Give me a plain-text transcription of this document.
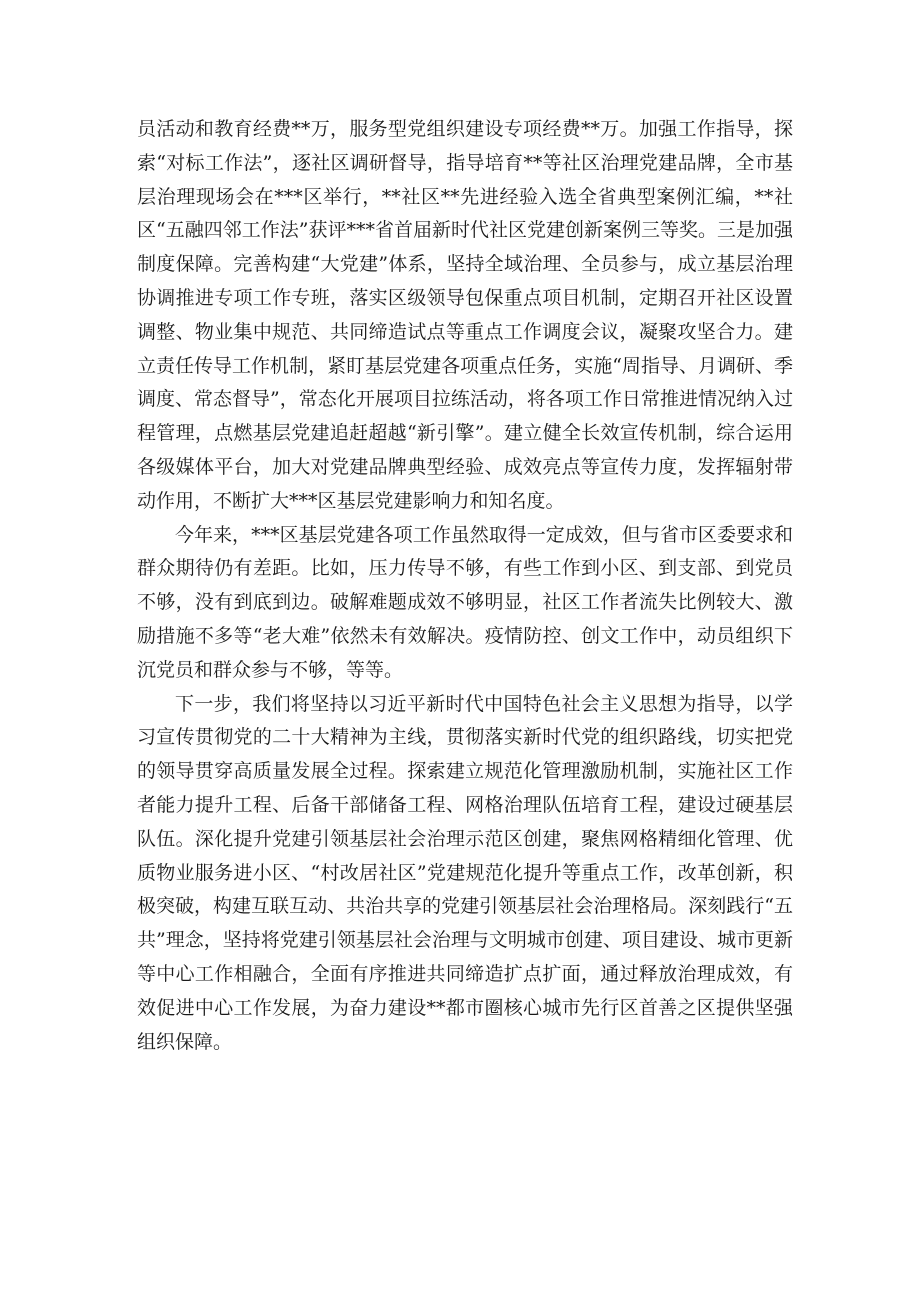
员活动和教育经费**万，服务型党组织建设专项经费**万。加强工作指导，探索“对标工作法”，逐社区调研督导，指导培育**等社区治理党建品牌，全市基层治理现场会在***区举行，**社区**先进经验入选全省典型案例汇编，**社区“五融四邻工作法”获评***省首届新时代社区党建创新案例三等奖。三是加强制度保障。完善构建“大党建”体系，坚持全域治理、全员参与，成立基层治理协调推进专项工作专班，落实区级领导包保重点项目机制，定期召开社区设置调整、物业集中规范、共同缔造试点等重点工作调度会议，凝聚攻坚合力。建立责任传导工作机制，紧盯基层党建各项重点任务，实施“周指导、月调研、季调度、常态督导”，常态化开展项目拉练活动，将各项工作日常推进情况纳入过程管理，点燃基层党建追赶超越“新引擎”。建立健全长效宣传机制，综合运用各级媒体平台，加大对党建品牌典型经验、成效亮点等宣传力度，发挥辐射带动作用，不断扩大***区基层党建影响力和知名度。

今年来，***区基层党建各项工作虽然取得一定成效，但与省市区委要求和群众期待仍有差距。比如，压力传导不够，有些工作到小区、到支部、到党员不够，没有到底到边。破解难题成效不够明显，社区工作者流失比例较大、激励措施不多等“老大难”依然未有效解决。疫情防控、创文工作中，动员组织下沉党员和群众参与不够，等等。

下一步，我们将坚持以习近平新时代中国特色社会主义思想为指导，以学习宣传贯彻党的二十大精神为主线，贯彻落实新时代党的组织路线，切实把党的领导贯穿高质量发展全过程。探索建立规范化管理激励机制，实施社区工作者能力提升工程、后备干部储备工程、网格治理队伍培育工程，建设过硬基层队伍。深化提升党建引领基层社会治理示范区创建，聚焦网格精细化管理、优质物业服务进小区、“村改居社区”党建规范化提升等重点工作，改革创新，积极突破，构建互联互动、共治共享的党建引领基层社会治理格局。深刻践行“五共”理念，坚持将党建引领基层社会治理与文明城市创建、项目建设、城市更新等中心工作相融合，全面有序推进共同缔造扩点扩面，通过释放治理成效，有效促进中心工作发展，为奋力建设**都市圈核心城市先行区首善之区提供坚强组织保障。
